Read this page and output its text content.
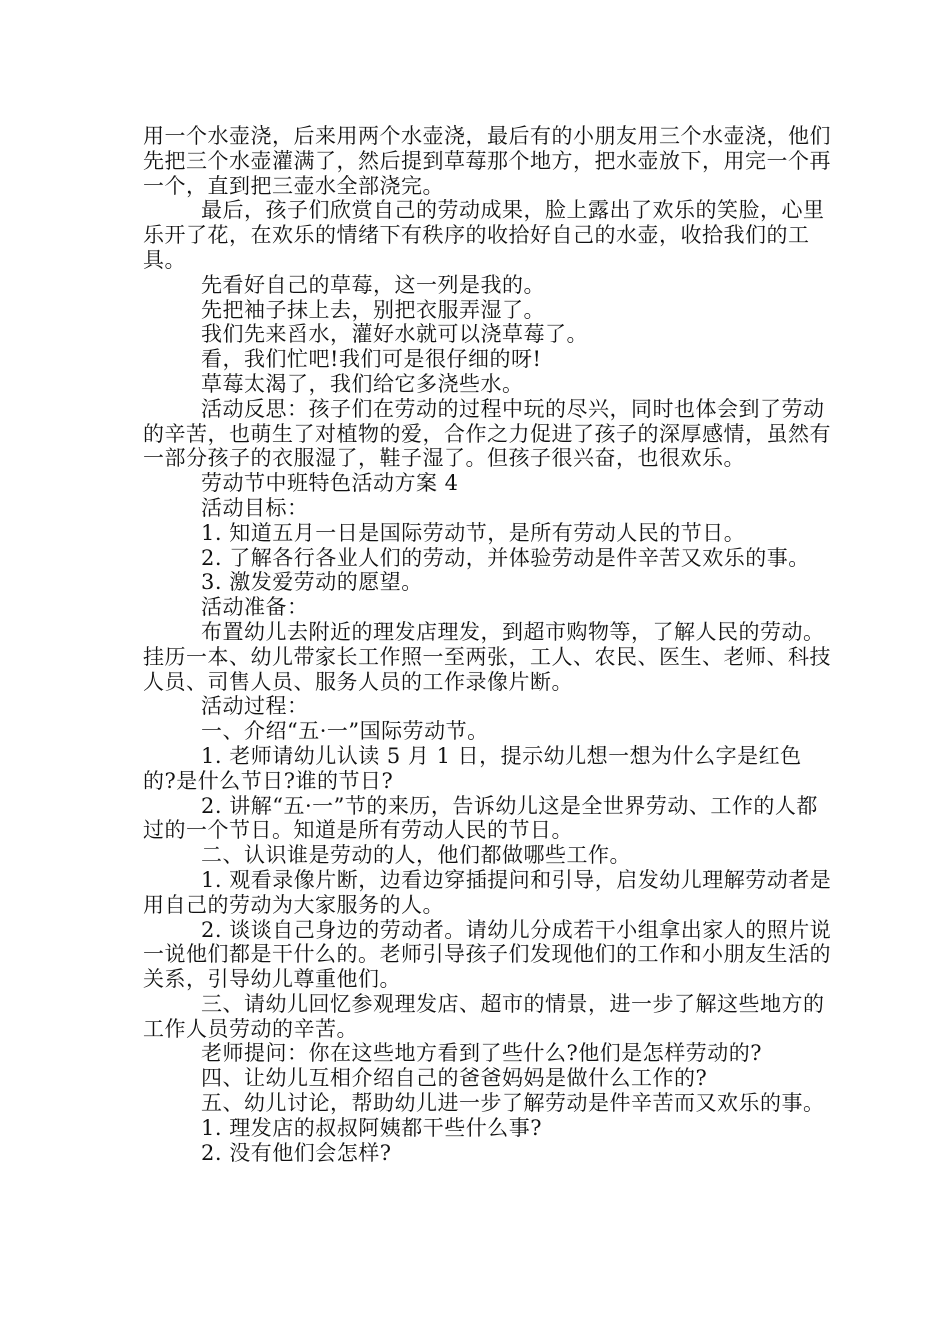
用一个水壶浇，后来用两个水壶浇，最后有的小朋友用三个水壶浇，他们先把三个水壶灌满了，然后提到草莓那个地方，把水壶放下，用完一个再一个，直到把三壶水全部浇完。

最后，孩子们欣赏自己的劳动成果，脸上露出了欢乐的笑脸，心里乐开了花，在欢乐的情绪下有秩序的收拾好自己的水壶，收拾我们的工具。

先看好自己的草莓，这一列是我的。

先把袖子抹上去，别把衣服弄湿了。

我们先来舀水，灌好水就可以浇草莓了。

看，我们忙吧!我们可是很仔细的呀!

草莓太渴了，我们给它多浇些水。

活动反思：孩子们在劳动的过程中玩的尽兴，同时也体会到了劳动的辛苦，也萌生了对植物的爱，合作之力促进了孩子的深厚感情，虽然有一部分孩子的衣服湿了，鞋子湿了。但孩子很兴奋，也很欢乐。

劳动节中班特色活动方案 4

活动目标：

1. 知道五月一日是国际劳动节，是所有劳动人民的节日。

2. 了解各行各业人们的劳动，并体验劳动是件辛苦又欢乐的事。

3. 激发爱劳动的愿望。

活动准备：

布置幼儿去附近的理发店理发，到超市购物等，了解人民的劳动。挂历一本、幼儿带家长工作照一至两张，工人、农民、医生、老师、科技人员、司售人员、服务人员的工作录像片断。

活动过程：

一、介绍“五·一”国际劳动节。

1. 老师请幼儿认读 5 月 1 日，提示幼儿想一想为什么字是红色的?是什么节日?谁的节日?

2. 讲解“五·一”节的来历，告诉幼儿这是全世界劳动、工作的人都过的一个节日。知道是所有劳动人民的节日。

二、认识谁是劳动的人，他们都做哪些工作。

1. 观看录像片断，边看边穿插提问和引导，启发幼儿理解劳动者是用自己的劳动为大家服务的人。

2. 谈谈自己身边的劳动者。请幼儿分成若干小组拿出家人的照片说一说他们都是干什么的。老师引导孩子们发现他们的工作和小朋友生活的关系，引导幼儿尊重他们。

三、请幼儿回忆参观理发店、超市的情景，进一步了解这些地方的工作人员劳动的辛苦。

老师提问：你在这些地方看到了些什么?他们是怎样劳动的?

四、让幼儿互相介绍自己的爸爸妈妈是做什么工作的?

五、幼儿讨论，帮助幼儿进一步了解劳动是件辛苦而又欢乐的事。

1. 理发店的叔叔阿姨都干些什么事?

2. 没有他们会怎样?
